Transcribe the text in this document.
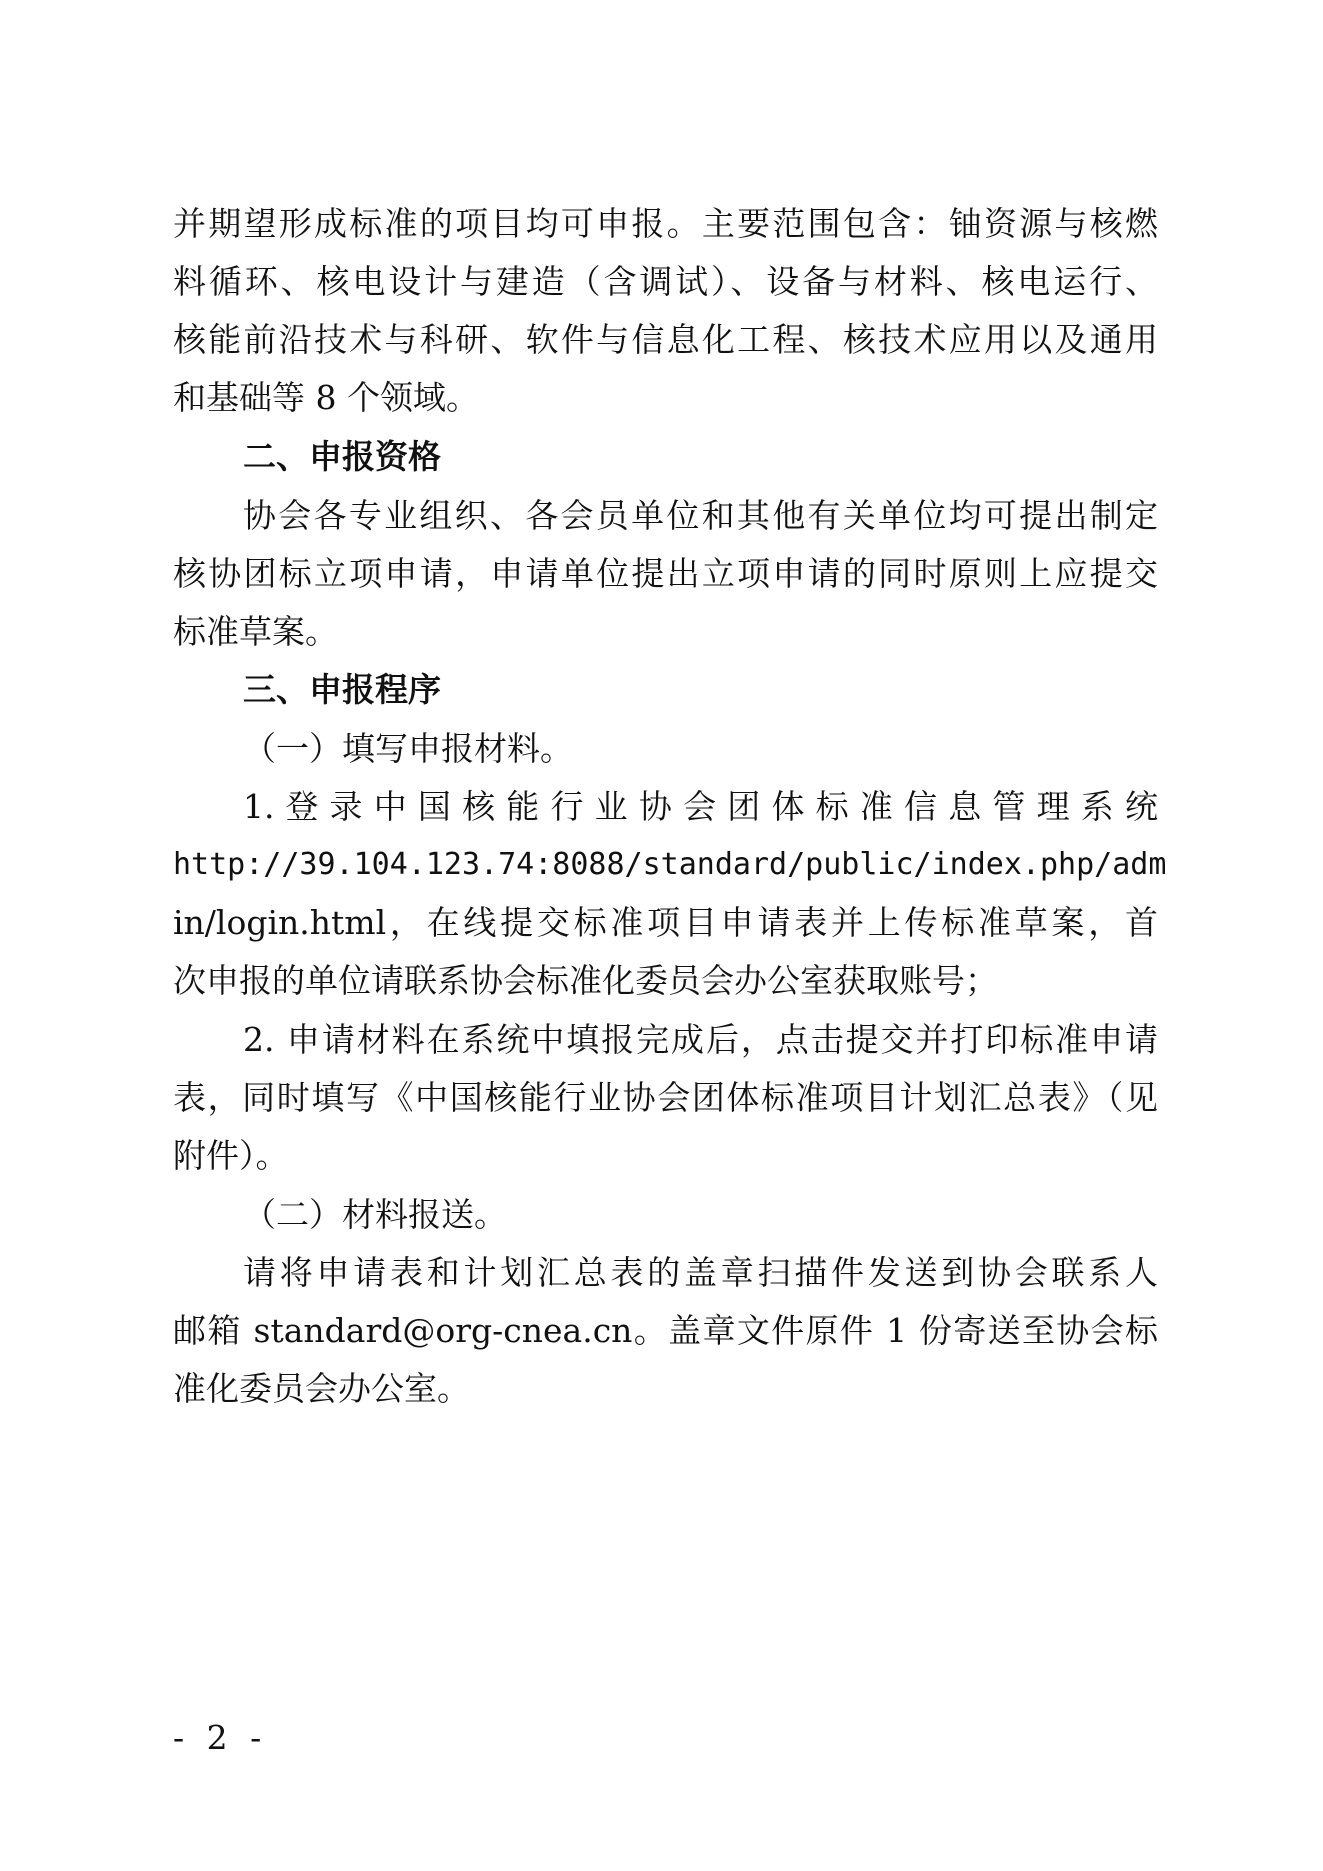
并期望形成标准的项目均可申报。主要范围包含：铀资源与核燃
料循环、核电设计与建造（含调试）、设备与材料、核电运行、
核能前沿技术与科研、软件与信息化工程、核技术应用以及通用
和基础等 8 个领域。
二、申报资格
协会各专业组织、各会员单位和其他有关单位均可提出制定
核协团标立项申请，申请单位提出立项申请的同时原则上应提交
标准草案。
三、申报程序
（一）填写申报材料。
1. 登 录 中 国 核 能 行 业 协 会 团 体 标 准 信 息 管 理 系 统
http://39.104.123.74:8088/standard/public/index.php/adm
in/login.html，在线提交标准项目申请表并上传标准草案，首
次申报的单位请联系协会标准化委员会办公室获取账号；
2. 申请材料在系统中填报完成后，点击提交并打印标准申请
表，同时填写《中国核能行业协会团体标准项目计划汇总表》（见
附件）。
（二）材料报送。
请将申请表和计划汇总表的盖章扫描件发送到协会联系人
邮箱 standard@org-cnea.cn。盖章文件原件 1 份寄送至协会标
准化委员会办公室。
- 2 -
